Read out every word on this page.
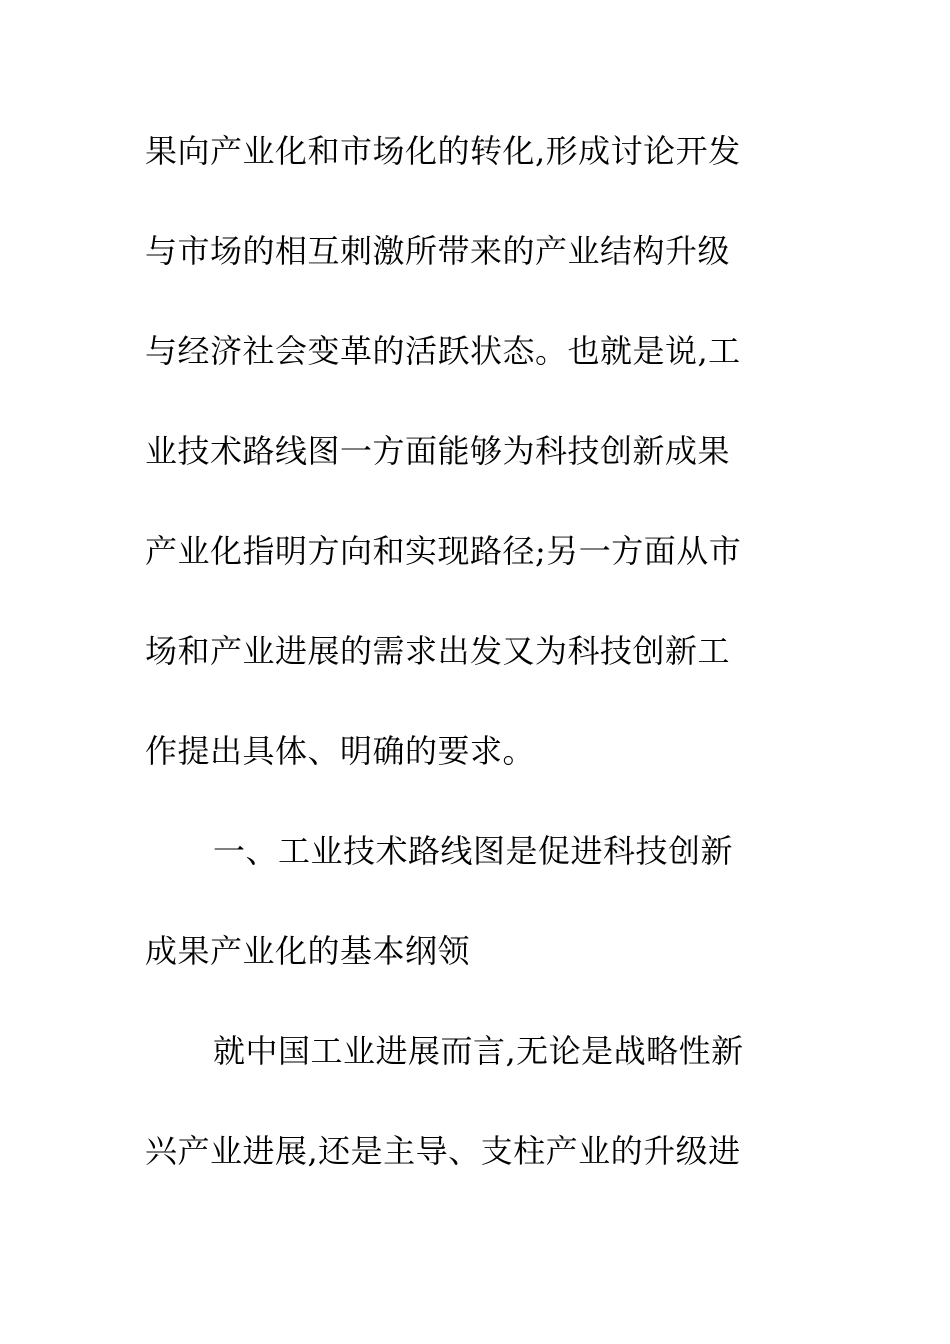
果向产业化和市场化的转化,形成讨论开发
与市场的相互刺激所带来的产业结构升级
与经济社会变革的活跃状态。也就是说,工
业技术路线图一方面能够为科技创新成果
产业化指明方向和实现路径;另一方面从市
场和产业进展的需求出发又为科技创新工
作提出具体、明确的要求。
一、工业技术路线图是促进科技创新
成果产业化的基本纲领
就中国工业进展而言,无论是战略性新
兴产业进展,还是主导、支柱产业的升级进
